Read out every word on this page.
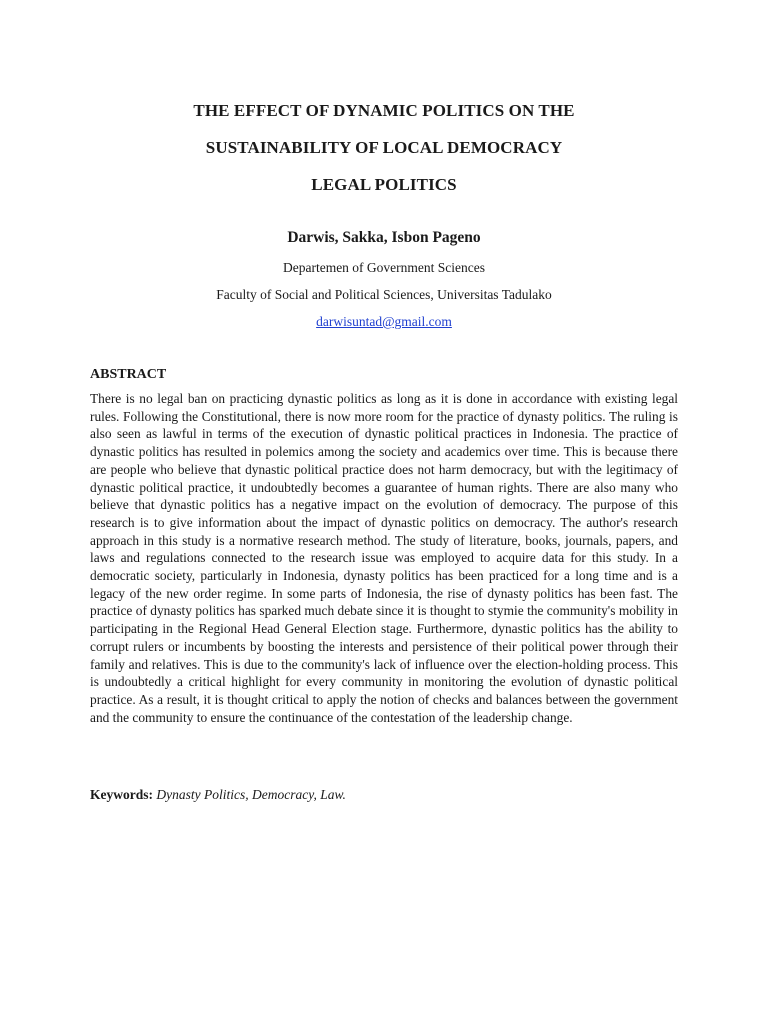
THE EFFECT OF DYNAMIC POLITICS ON THE
SUSTAINABILITY OF LOCAL DEMOCRACY
LEGAL POLITICS
Darwis, Sakka, Isbon Pageno
Departemen of Government Sciences
Faculty of Social and Political Sciences, Universitas Tadulako
darwisuntad@gmail.com
ABSTRACT

There is no legal ban on practicing dynastic politics as long as it is done in accordance with existing legal rules. Following the Constitutional, there is now more room for the practice of dynasty politics. The ruling is also seen as lawful in terms of the execution of dynastic political practices in Indonesia. The practice of dynastic politics has resulted in polemics among the society and academics over time. This is because there are people who believe that dynastic political practice does not harm democracy, but with the legitimacy of dynastic political practice, it undoubtedly becomes a guarantee of human rights. There are also many who believe that dynastic politics has a negative impact on the evolution of democracy. The purpose of this research is to give information about the impact of dynastic politics on democracy. The author's research approach in this study is a normative research method. The study of literature, books, journals, papers, and laws and regulations connected to the research issue was employed to acquire data for this study. In a democratic society, particularly in Indonesia, dynasty politics has been practiced for a long time and is a legacy of the new order regime. In some parts of Indonesia, the rise of dynasty politics has been fast. The practice of dynasty politics has sparked much debate since it is thought to stymie the community's mobility in participating in the Regional Head General Election stage. Furthermore, dynastic politics has the ability to corrupt rulers or incumbents by boosting the interests and persistence of their political power through their family and relatives. This is due to the community's lack of influence over the election-holding process. This is undoubtedly a critical highlight for every community in monitoring the evolution of dynastic political practice. As a result, it is thought critical to apply the notion of checks and balances between the government and the community to ensure the continuance of the contestation of the leadership change.

Keywords: Dynasty Politics, Democracy, Law.
